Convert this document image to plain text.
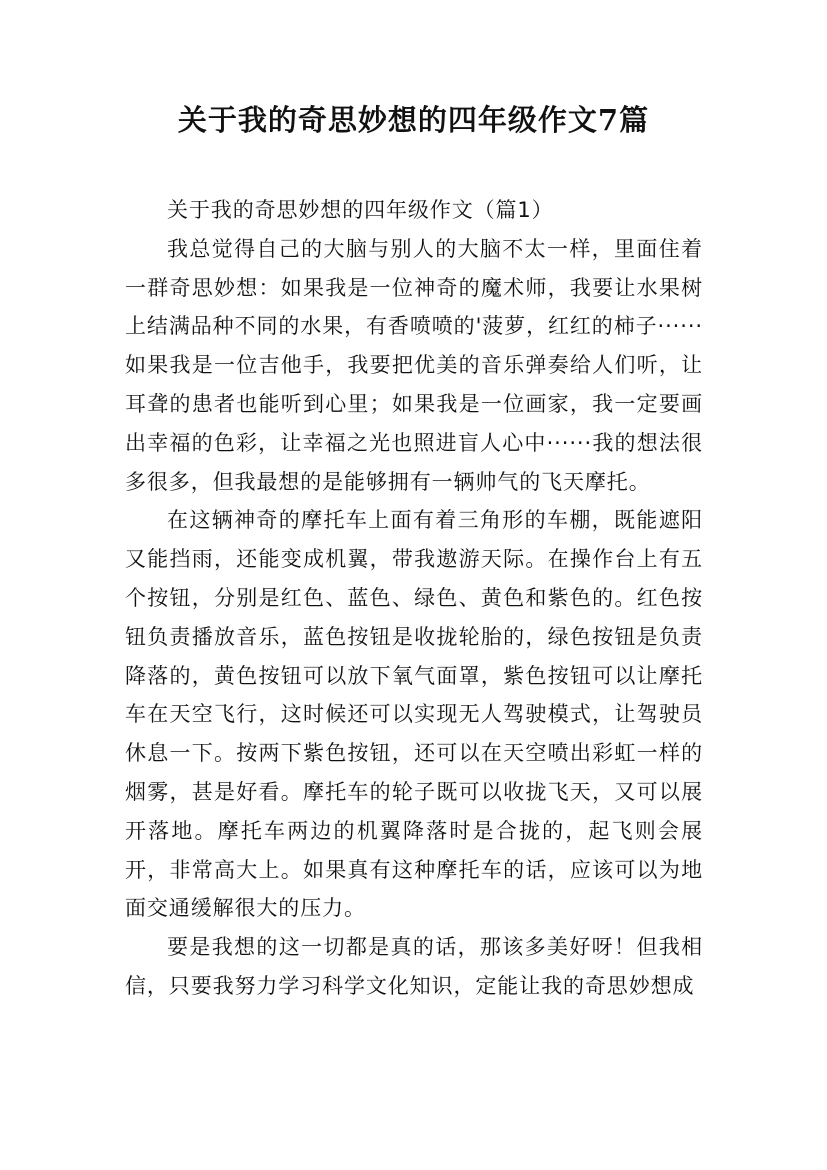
关于我的奇思妙想的四年级作文7篇

关于我的奇思妙想的四年级作文（篇1）

我总觉得自己的大脑与别人的大脑不太一样，里面住着一群奇思妙想：如果我是一位神奇的魔术师，我要让水果树上结满品种不同的水果，有香喷喷的'菠萝，红红的柿子······如果我是一位吉他手，我要把优美的音乐弹奏给人们听，让耳聋的患者也能听到心里；如果我是一位画家，我一定要画出幸福的色彩，让幸福之光也照进盲人心中······我的想法很多很多，但我最想的是能够拥有一辆帅气的飞天摩托。

在这辆神奇的摩托车上面有着三角形的车棚，既能遮阳又能挡雨，还能变成机翼，带我遨游天际。在操作台上有五个按钮，分别是红色、蓝色、绿色、黄色和紫色的。红色按钮负责播放音乐，蓝色按钮是收拢轮胎的，绿色按钮是负责降落的，黄色按钮可以放下氧气面罩，紫色按钮可以让摩托车在天空飞行，这时候还可以实现无人驾驶模式，让驾驶员休息一下。按两下紫色按钮，还可以在天空喷出彩虹一样的烟雾，甚是好看。摩托车的轮子既可以收拢飞天，又可以展开落地。摩托车两边的机翼降落时是合拢的，起飞则会展开，非常高大上。如果真有这种摩托车的话，应该可以为地面交通缓解很大的压力。

要是我想的这一切都是真的话，那该多美好呀！但我相信，只要我努力学习科学文化知识，定能让我的奇思妙想成
